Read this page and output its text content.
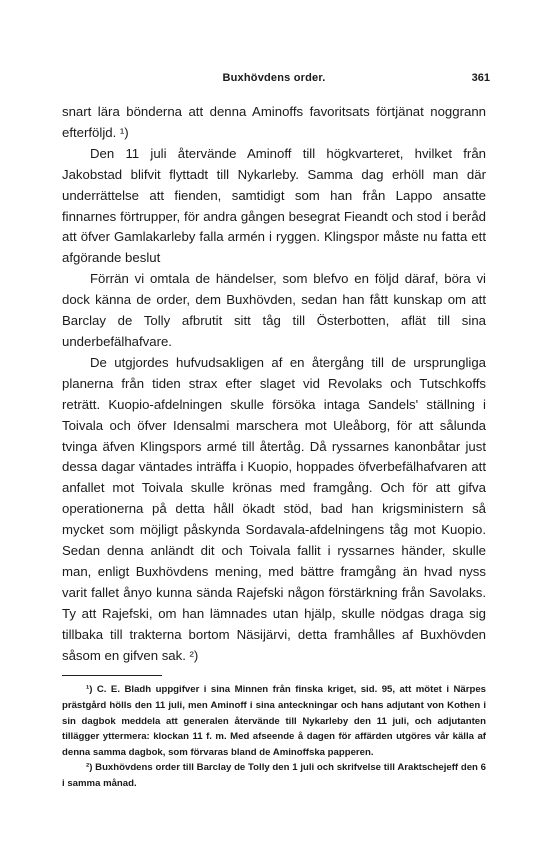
Buxhövdens order.	361

snart lära bönderna att denna Aminoffs favoritsats förtjänat noggrann efterföljd. ¹)

Den 11 juli återvände Aminoff till högkvarteret, hvilket från Jakobstad blifvit flyttadt till Nykarleby. Samma dag erhöll man där underrättelse att fienden, samtidigt som han från Lappo ansatte finnarnes förtrupper, för andra gången besegrat Fieandt och stod i beråd att öfver Gamlakarleby falla armén i ryggen. Klingspor måste nu fatta ett afgörande beslut

Förrän vi omtala de händelser, som blefvo en följd däraf, böra vi dock känna de order, dem Buxhövden, sedan han fått kunskap om att Barclay de Tolly afbrutit sitt tåg till Österbotten, aflät till sina underbefälhafvare.

De utgjordes hufvudsakligen af en återgång till de ursprungliga planerna från tiden strax efter slaget vid Revolaks och Tutschkoffs reträtt. Kuopio-afdelningen skulle försöka intaga Sandels' ställning i Toivala och öfver Idensalmi marschera mot Uleåborg, för att sålunda tvinga äfven Klingspors armé till återtåg. Då ryssarnes kanonbåtar just dessa dagar väntades inträffa i Kuopio, hoppades öfverbefälhafvaren att anfallet mot Toivala skulle krönas med framgång. Och för att gifva operationerna på detta håll ökadt stöd, bad han krigsministern så mycket som möjligt påskynda Sordavala-afdelningens tåg mot Kuopio. Sedan denna anländt dit och Toivala fallit i ryssarnes händer, skulle man, enligt Buxhövdens mening, med bättre framgång än hvad nyss varit fallet ånyo kunna sända Rajefski någon förstärkning från Savolaks. Ty att Rajefski, om han lämnades utan hjälp, skulle nödgas draga sig tillbaka till trakterna bortom Näsijärvi, detta framhålles af Buxhövden såsom en gifven sak. ²)

¹) C. E. Bladh uppgifver i sina Minnen från finska kriget, sid. 95, att mötet i Närpes prästgård hölls den 11 juli, men Aminoff i sina anteckningar och hans adjutant von Kothen i sin dagbok meddela att generalen återvände till Nykarleby den 11 juli, och adjutanten tillägger yttermera: klockan 11 f. m. Med afseende å dagen för affärden utgöres vår källa af denna samma dagbok, som förvaras bland de Aminoffska papperen.

²) Buxhövdens order till Barclay de Tolly den 1 juli och skrifvelse till Araktschejeff den 6 i samma månad.
